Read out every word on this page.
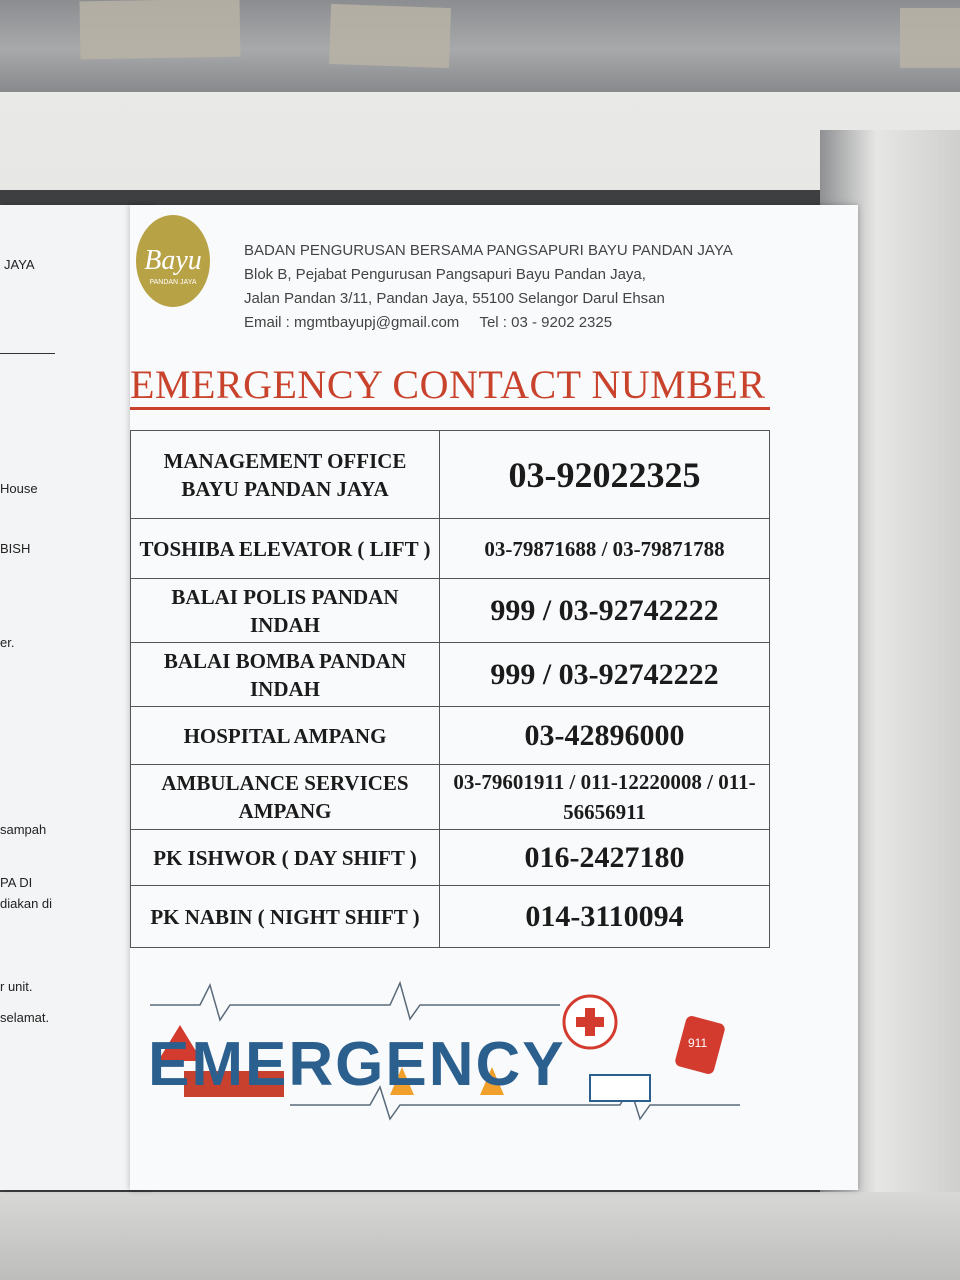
JAYA
House
BISH
er.
sampah
PA DI
diakan di
r unit.
selamat.
Bayu
PANDAN JAYA
BADAN PENGURUSAN BERSAMA PANGSAPURI BAYU PANDAN JAYA
Blok B, Pejabat Pengurusan Pangsapuri Bayu Pandan Jaya,
Jalan Pandan 3/11, Pandan Jaya, 55100 Selangor Darul Ehsan
Email : mgmtbayupj@gmail.com Tel : 03 - 9202 2325
EMERGENCY CONTACT NUMBER
MANAGEMENT OFFICE BAYU PANDAN JAYA	03-92022325
TOSHIBA ELEVATOR ( LIFT )	03-79871688 / 03-79871788
BALAI POLIS PANDAN INDAH	999 / 03-92742222
BALAI BOMBA PANDAN INDAH	999 / 03-92742222
HOSPITAL AMPANG	03-42896000
AMBULANCE SERVICES AMPANG	03-79601911 / 011-12220008 / 011-56656911
PK ISHWOR ( DAY SHIFT )	016-2427180
PK NABIN ( NIGHT SHIFT )	014-3110094
911
EMERGENCY
